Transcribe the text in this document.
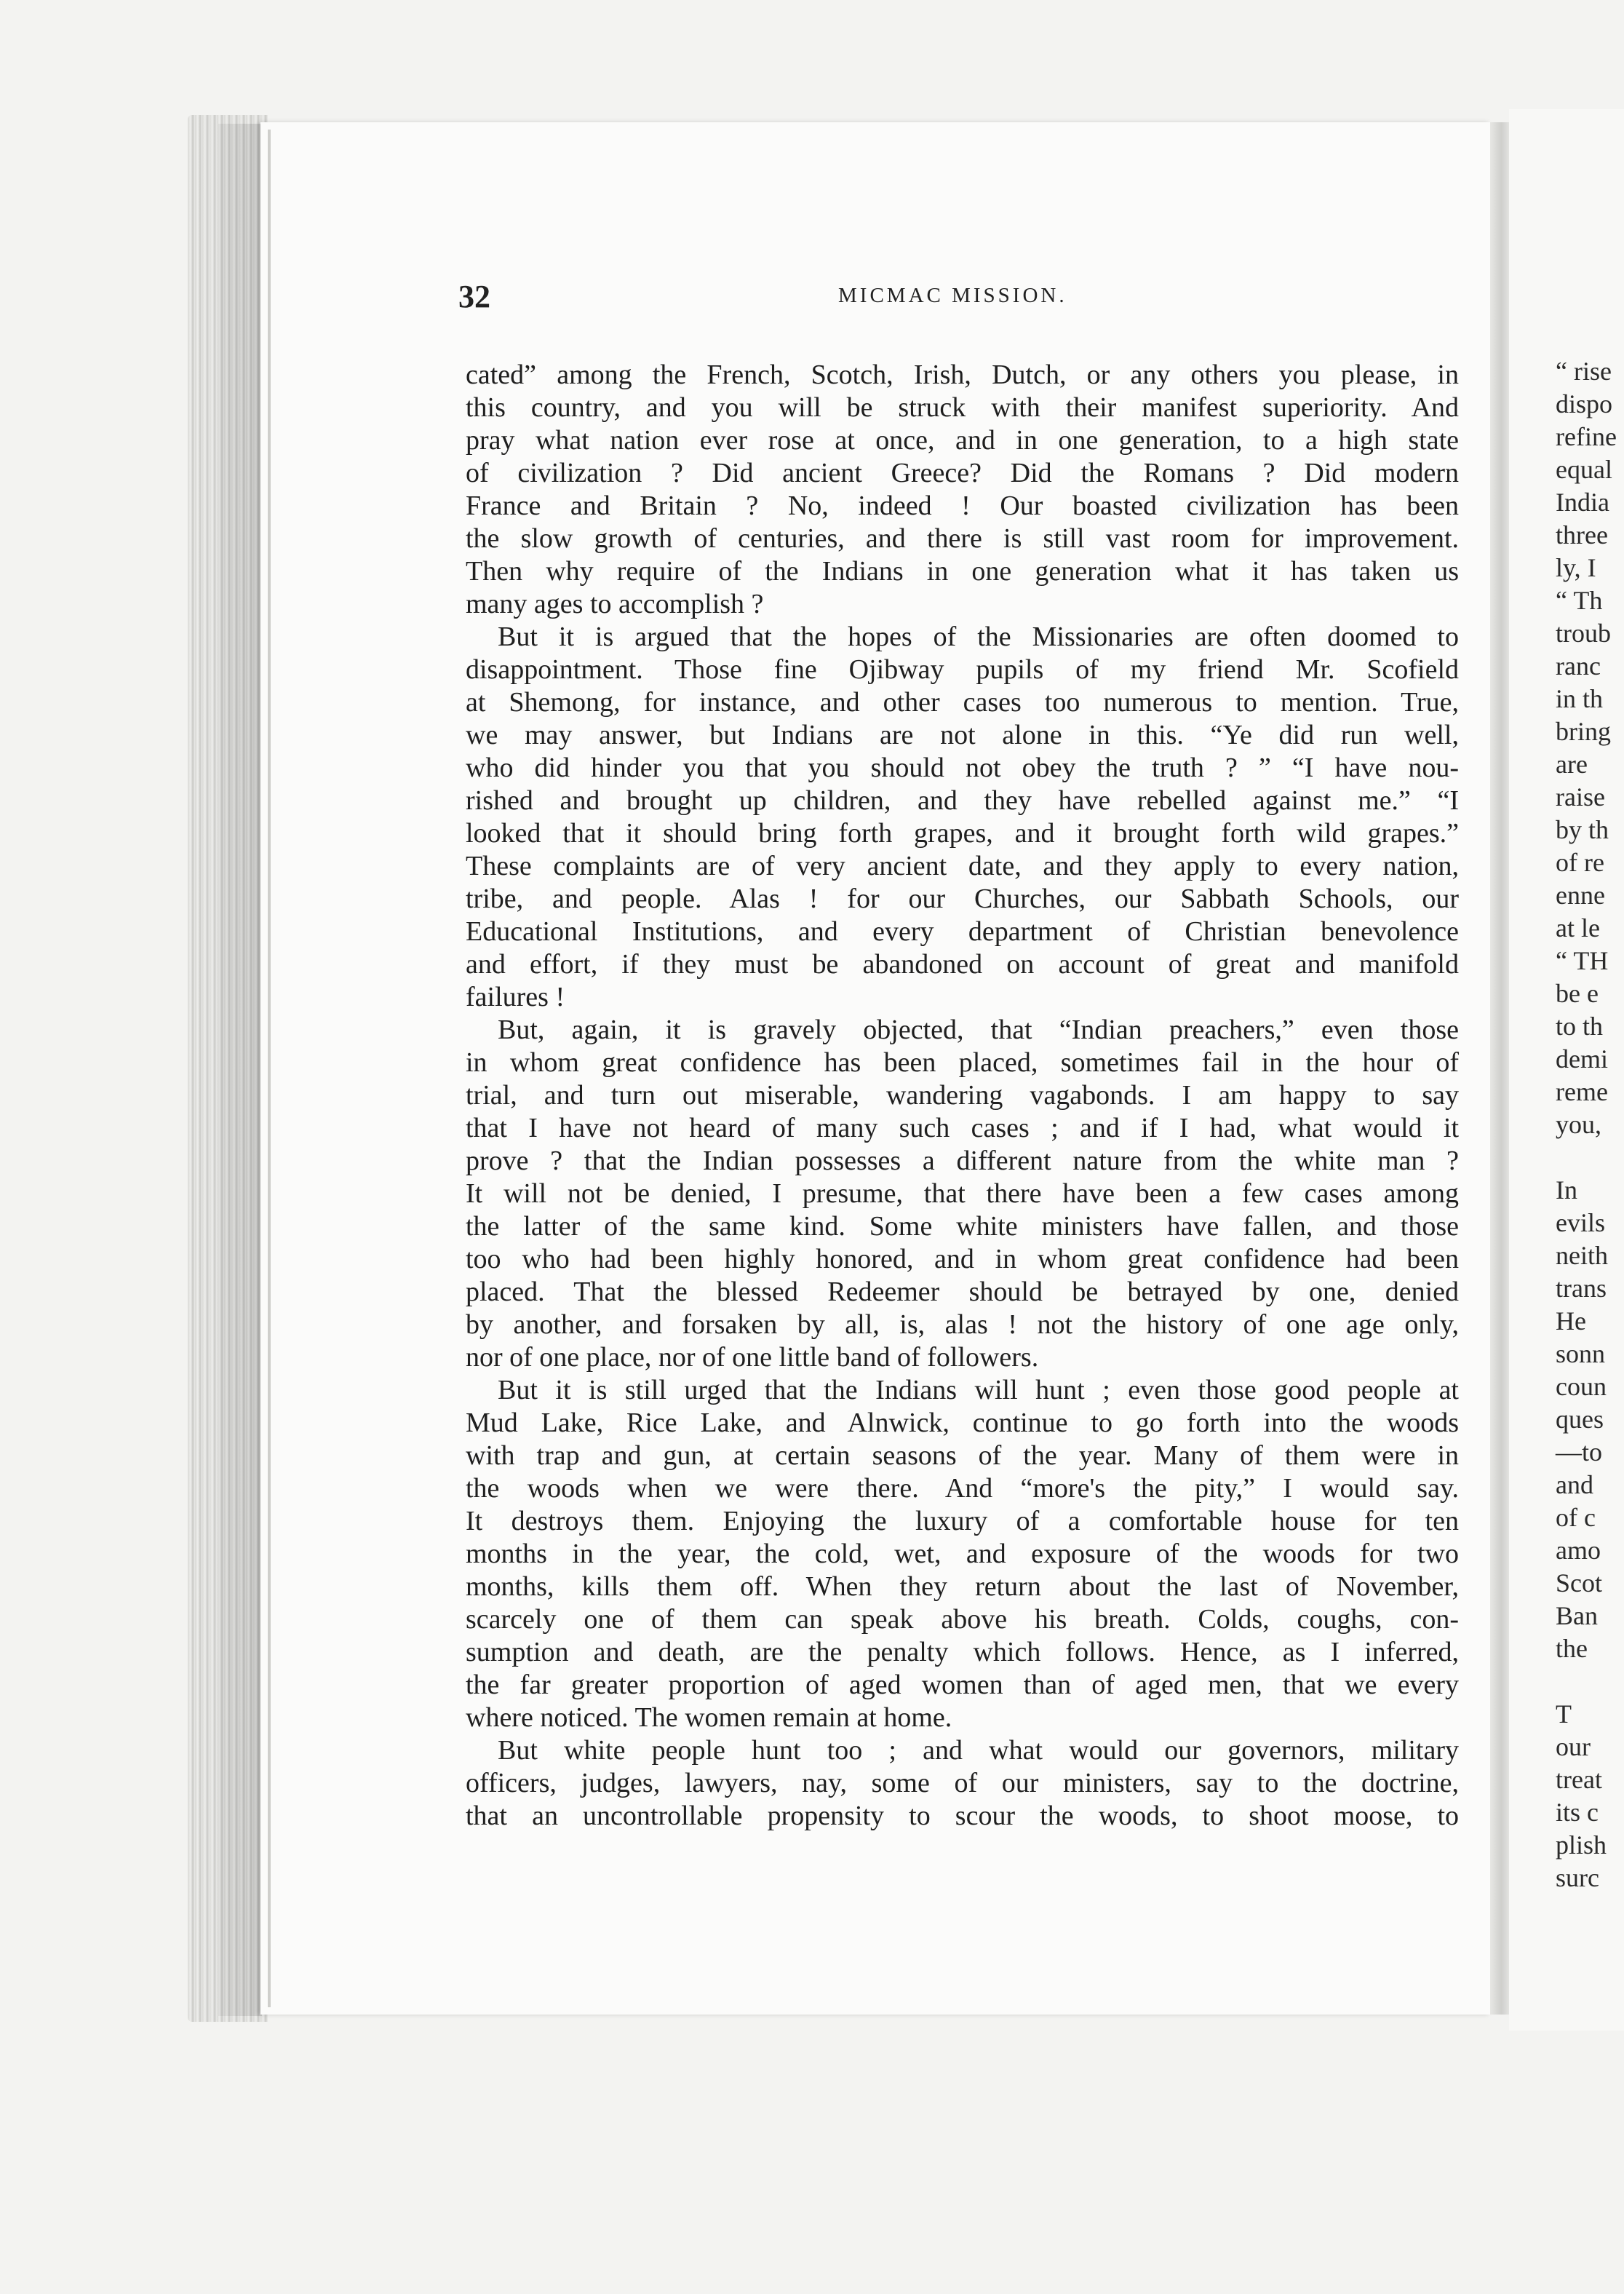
“ rise
dispo
refine
equal
India
three
ly, I
“ Th
troub
ranc
in th
bring
are
raise
by th
of re
enne
at le
“ TH
be e
to th
demi
reme
you,
In
evils
neith
trans
He
sonn
coun
ques
—to
and
of c
amo
Scot
Ban
the
T
our
treat
its c
plish
surc
32	MICMAC MISSION.
cated” among the French, Scotch, Irish, Dutch, or any others you please, in
this country, and you will be struck with their manifest superiority. And
pray what nation ever rose at once, and in one generation, to a high state
of civilization ? Did ancient Greece? Did the Romans ? Did modern
France and Britain ? No, indeed ! Our boasted civilization has been
the slow growth of centuries, and there is still vast room for improvement.
Then why require of the Indians in one generation what it has taken us
many ages to accomplish ?
But it is argued that the hopes of the Missionaries are often doomed to
disappointment. Those fine Ojibway pupils of my friend Mr. Scofield
at Shemong, for instance, and other cases too numerous to mention. True,
we may answer, but Indians are not alone in this. “Ye did run well,
who did hinder you that you should not obey the truth ? ” “I have nou-
rished and brought up children, and they have rebelled against me.” “I
looked that it should bring forth grapes, and it brought forth wild grapes.”
These complaints are of very ancient date, and they apply to every nation,
tribe, and people. Alas ! for our Churches, our Sabbath Schools, our
Educational Institutions, and every department of Christian benevolence
and effort, if they must be abandoned on account of great and manifold
failures !
But, again, it is gravely objected, that “Indian preachers,” even those
in whom great confidence has been placed, sometimes fail in the hour of
trial, and turn out miserable, wandering vagabonds. I am happy to say
that I have not heard of many such cases ; and if I had, what would it
prove ? that the Indian possesses a different nature from the white man ?
It will not be denied, I presume, that there have been a few cases among
the latter of the same kind. Some white ministers have fallen, and those
too who had been highly honored, and in whom great confidence had been
placed. That the blessed Redeemer should be betrayed by one, denied
by another, and forsaken by all, is, alas ! not the history of one age only,
nor of one place, nor of one little band of followers.
But it is still urged that the Indians will hunt ; even those good people at
Mud Lake, Rice Lake, and Alnwick, continue to go forth into the woods
with trap and gun, at certain seasons of the year. Many of them were in
the woods when we were there. And “more's the pity,” I would say.
It destroys them. Enjoying the luxury of a comfortable house for ten
months in the year, the cold, wet, and exposure of the woods for two
months, kills them off. When they return about the last of November,
scarcely one of them can speak above his breath. Colds, coughs, con-
sumption and death, are the penalty which follows. Hence, as I inferred,
the far greater proportion of aged women than of aged men, that we every
where noticed. The women remain at home.
But white people hunt too ; and what would our governors, military
officers, judges, lawyers, nay, some of our ministers, say to the doctrine,
that an uncontrollable propensity to scour the woods, to shoot moose, to
